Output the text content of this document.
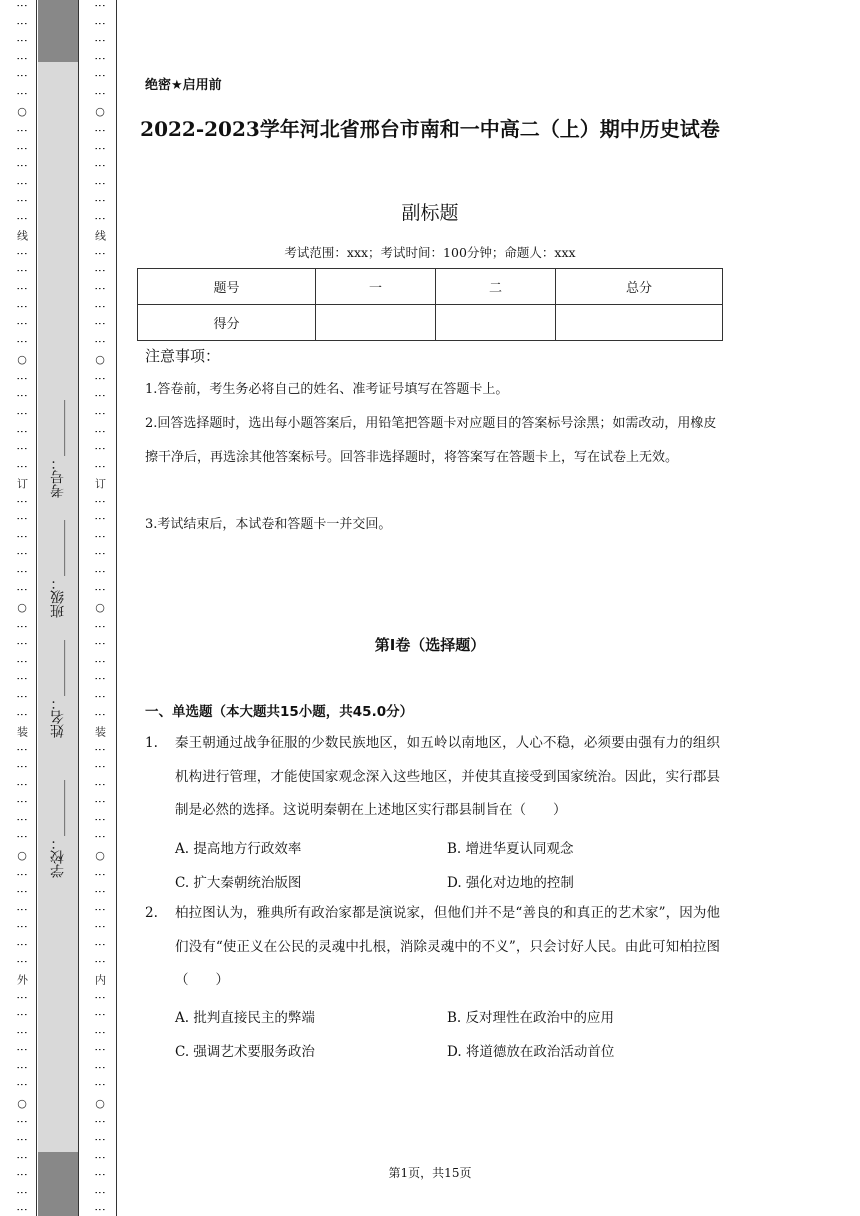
⋮
⋮
⋮
⋮
⋮
⋮
○
⋮
⋮
⋮
⋮
⋮
⋮
线
⋮
⋮
⋮
⋮
⋮
⋮
○
⋮
⋮
⋮
⋮
⋮
⋮
订
⋮
⋮
⋮
⋮
⋮
⋮
○
⋮
⋮
⋮
⋮
⋮
⋮
装
⋮
⋮
⋮
⋮
⋮
⋮
○
⋮
⋮
⋮
⋮
⋮
⋮
外
⋮
⋮
⋮
⋮
⋮
⋮
○
⋮
⋮
⋮
⋮
⋮
⋮
⋮
⋮
⋮
⋮
⋮
⋮
○
⋮
⋮
⋮
⋮
⋮
⋮
线
⋮
⋮
⋮
⋮
⋮
⋮
○
⋮
⋮
⋮
⋮
⋮
⋮
订
⋮
⋮
⋮
⋮
⋮
⋮
○
⋮
⋮
⋮
⋮
⋮
⋮
装
⋮
⋮
⋮
⋮
⋮
⋮
○
⋮
⋮
⋮
⋮
⋮
⋮
内
⋮
⋮
⋮
⋮
⋮
⋮
○
⋮
⋮
⋮
⋮
⋮
⋮
学校：________
姓名：________
班级：________
考号：________
绝密★启用前
2022-2023学年河北省邢台市南和一中高二（上）期中历史试卷
副标题
考试范围：xxx；考试时间：100分钟；命题人：xxx
题号	一	二	总分
得分			
注意事项：
1.答卷前，考生务必将自己的姓名、准考证号填写在答题卡上。
2.回答选择题时，选出每小题答案后，用铅笔把答题卡对应题目的答案标号涂黑；如需改动，用橡皮擦干净后，再选涂其他答案标号。回答非选择题时，将答案写在答题卡上，写在试卷上无效。
3.考试结束后，本试卷和答题卡一并交回。
第I卷（选择题）
一、单选题（本大题共15小题，共45.0分）
1. 秦王朝通过战争征服的少数民族地区，如五岭以南地区，人心不稳，必须要由强有力的组织机构进行管理，才能使国家观念深入这些地区，并使其直接受到国家统治。因此，实行郡县制是必然的选择。这说明秦朝在上述地区实行郡县制旨在（　　）
A. 提高地方行政效率	B. 增进华夏认同观念
C. 扩大秦朝统治版图	D. 强化对边地的控制
2. 柏拉图认为，雅典所有政治家都是演说家，但他们并不是“善良的和真正的艺术家”，因为他们没有“使正义在公民的灵魂中扎根，消除灵魂中的不义”，只会讨好人民。由此可知柏拉图（　　）
A. 批判直接民主的弊端	B. 反对理性在政治中的应用
C. 强调艺术要服务政治	D. 将道德放在政治活动首位
第1页，共15页
